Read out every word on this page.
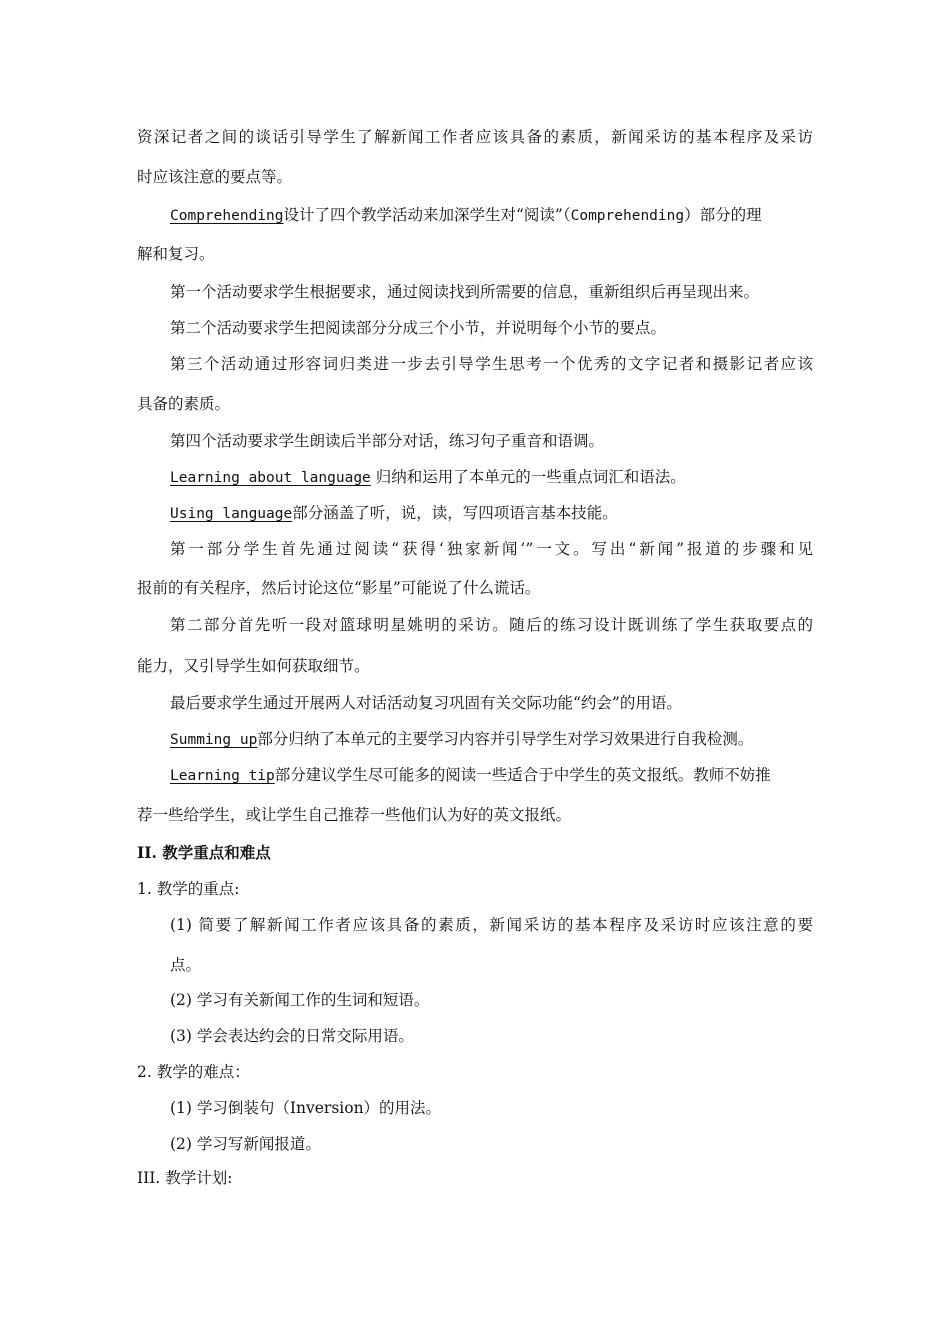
资深记者之间的谈话引导学生了解新闻工作者应该具备的素质，新闻采访的基本程序及采访
时应该注意的要点等。
Comprehending设计了四个教学活动来加深学生对“阅读”（Comprehending）部分的理
解和复习。
第一个活动要求学生根据要求，通过阅读找到所需要的信息，重新组织后再呈现出来。
第二个活动要求学生把阅读部分分成三个小节，并说明每个小节的要点。
第三个活动通过形容词归类进一步去引导学生思考一个优秀的文字记者和摄影记者应该
具备的素质。
第四个活动要求学生朗读后半部分对话，练习句子重音和语调。
Learning about language 归纳和运用了本单元的一些重点词汇和语法。
Using language部分涵盖了听，说，读，写四项语言基本技能。
第一部分学生首先通过阅读“获得‘独家新闻’”一文。写出“新闻”报道的步骤和见
报前的有关程序，然后讨论这位“影星”可能说了什么谎话。
第二部分首先听一段对篮球明星姚明的采访。随后的练习设计既训练了学生获取要点的
能力，又引导学生如何获取细节。
最后要求学生通过开展两人对话活动复习巩固有关交际功能“约会”的用语。
Summing up部分归纳了本单元的主要学习内容并引导学生对学习效果进行自我检测。
Learning tip部分建议学生尽可能多的阅读一些适合于中学生的英文报纸。教师不妨推
荐一些给学生，或让学生自己推荐一些他们认为好的英文报纸。
II. 教学重点和难点
1. 教学的重点:
(1) 简要了解新闻工作者应该具备的素质，新闻采访的基本程序及采访时应该注意的要
点。
(2) 学习有关新闻工作的生词和短语。
(3) 学会表达约会的日常交际用语。
2. 教学的难点：
(1) 学习倒装句（Inversion）的用法。
(2) 学习写新闻报道。
III. 教学计划:
